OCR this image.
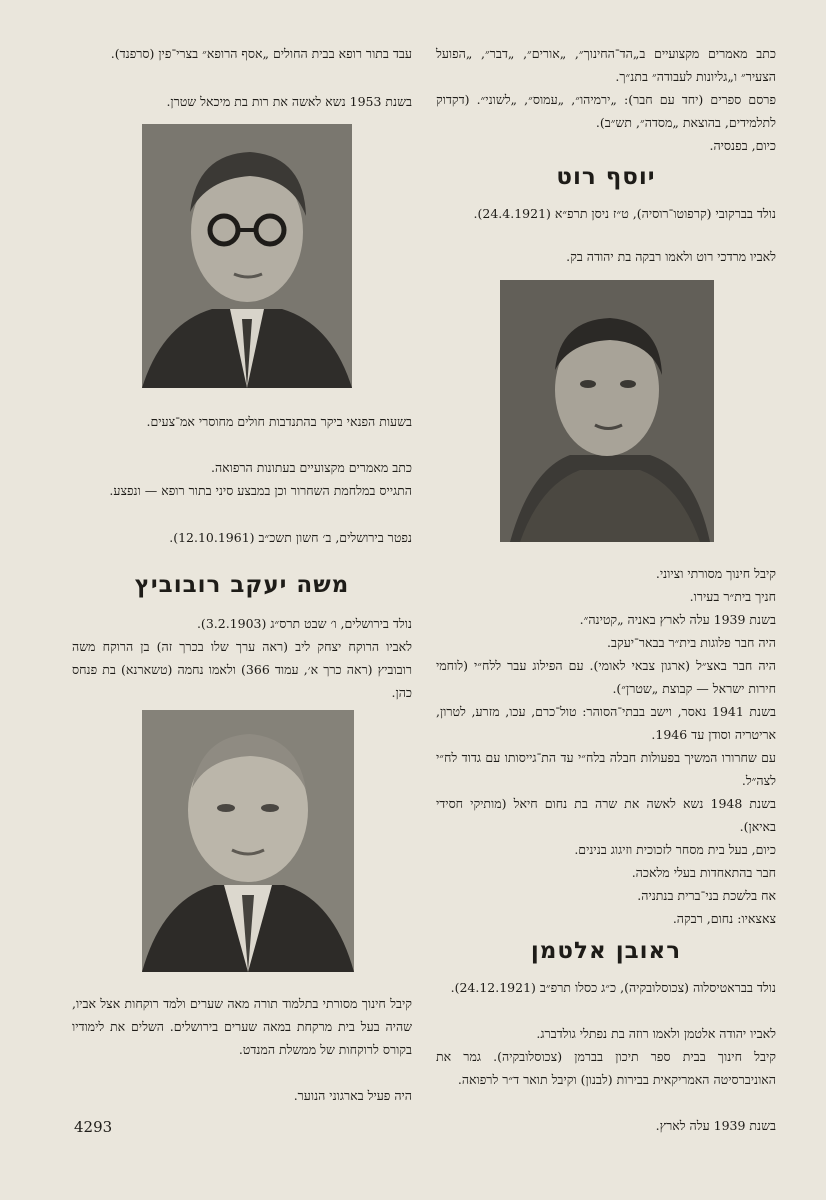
כתב מאמרים מקצועיים ב„הד־החינוך״, „אורים״, „דבר״, „הפועל הצעיר״ ו„גליונות לעבודה״ בתנ״ך.

פרסם ספרים (יחד עם חבר): „ירמיהו״, „עמוס״, „לשוני״. (דקדוק לתלמידים, בהוצאת „מסדה״, תש״ב).

כיום, בפנסיה.

יוסף רוט

נולד בברקובי (קרפוטו־רוסיה), ט״ז ניסן תרפ״א (24.4.1921).

לאביו מרדכי רוט ולאמו רבקה בת יהודה בק.

קיבל חינוך מסורתי וציוני.

חניך בית״ר בעירו.

בשנת 1939 עלה לארץ באניה „קטינה״.

היה חבר פלוגות בית״ר בבאר־יעקב.

היה חבר באצ״ל (ארגון צבאי לאומי). עם הפילוג עבר ללח״י (לוחמי חירות ישראל — קבוצת „שטרן״).

בשנת 1941 נאסר, וישב בבתי־הסוהר: טול־כרם, עכו, מזרע, לטרון, אריטריה וסודן עד 1946.

עם שחרורו המשיך בפעולות חבלה בלח״י עד הת־גייסותו עם גדוד לח״י לצה״ל.

בשנת 1948 נשא לאשה את שרה בת נחום חיאל (מותיקי חסידי באיאן).

כיום, בעל בית מסחר לזכוכית וזיגוג בנינים.

חבר בהתאחדות בעלי מלאכה.

אח בלשכת בני־ברית בנתניה.

צאצאיו: נחום, רבקה.

ראובן אלטמן

נולד בבראטיסלוה (צכוסלובקיה), כ״ג כסלו תרפ״ב (24.12.1921).

לאביו יהודה אלטמן ולאמו רוזה בת נפתלי גולדברג.

קיבל חינוך בבית ספר תיכון בברמן (צכוסלובקיה). גמר את האוניברסיטה האמריקאית בבירות (לבנון) וקיבל תואר ד״ר לרפואה.

בשנת 1939 עלה לארץ.

עבד בתור רופא בבית החולים „אסף הרופא״ בצרי־פין (סרפנד).

בשנת 1953 נשא לאשה את רות בת מיכאל שטרן.

בשעות הפנאי ביקר בהתנדבות חולים מחוסרי אמ־צעים.

כתב מאמרים מקצועיים בעתונות הרפואה.

התגייס במלחמת השחרור וכן במבצע סיני בתור רופא — ונפצע.

נפטר בירושלים, ב׳ חשון תשכ״ב (12.10.1961).

משה יעקב רובוביץ

נולד בירושלים, ו׳ שבט תרס״ג (3.2.1903).

לאביו הרוקח יצחק ליב (ראה ערך שלו בכרך זה) בן הרוקח משה רובוביץ (ראה כרך א׳, עמוד 366) ולאמו נחמה (טשארנא) בת פנחס כהן.

קיבל חינוך מסורתי בתלמוד תורה מאה שערים ולמד רוקחות אצל אביו, שהיה בעל בית מרקחת במאה שערים בירושלים. השלים את לימודיו בקורס לרוקחות של ממשלת המנדט.

היה פעיל בארגוני הנוער.

4293
